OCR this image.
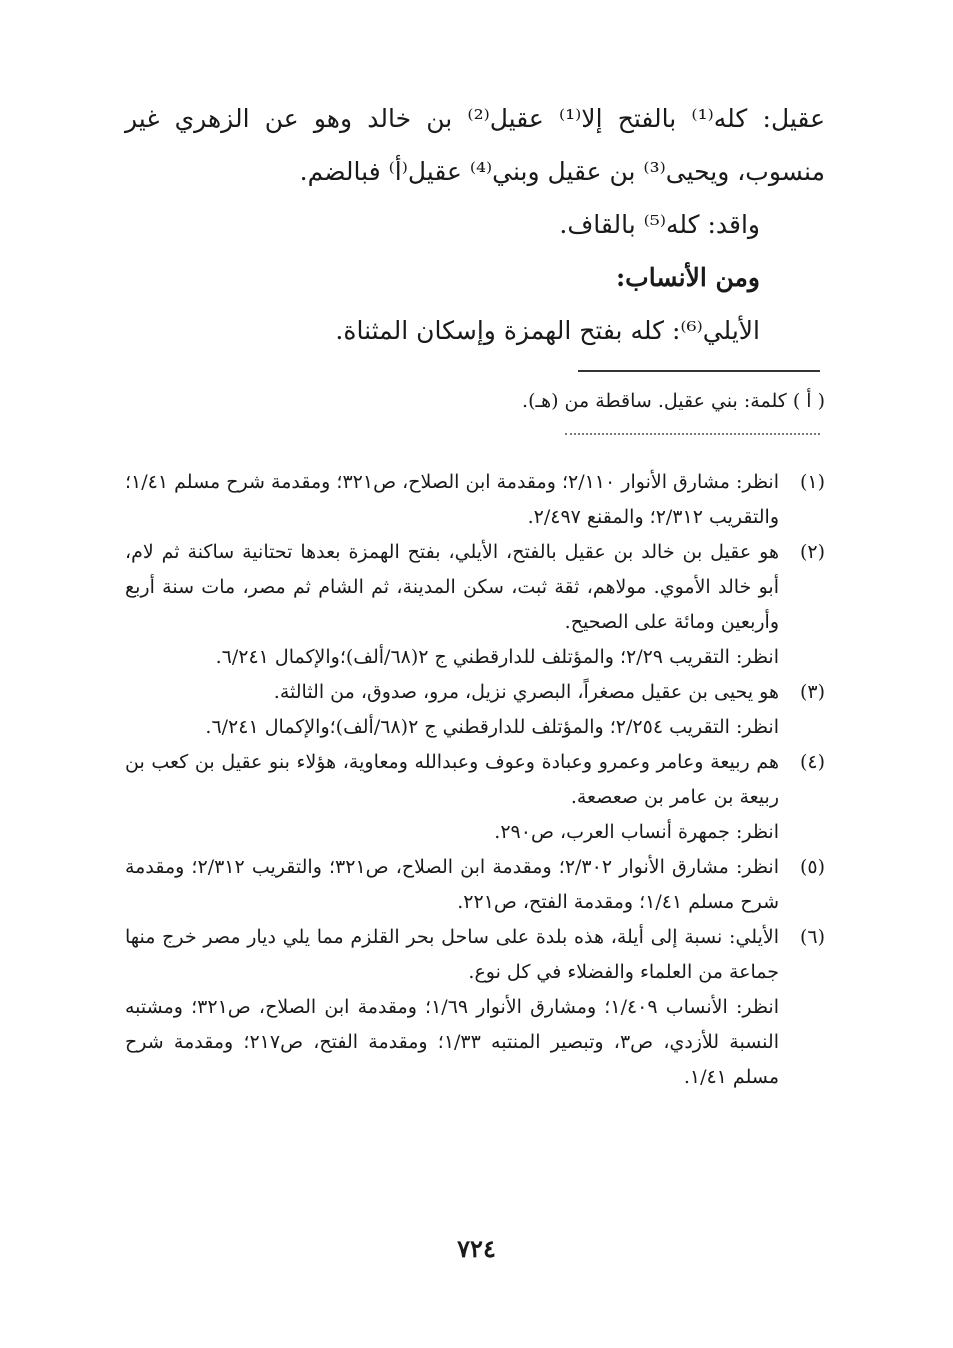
عقيل: كله⁽¹⁾ بالفتح إلا⁽¹⁾ عقيل⁽²⁾ بن خالد وهو عن الزهري غير منسوب، ويحيى⁽³⁾ بن عقيل وبني⁽⁴⁾ عقيل⁽أ⁾ فبالضم.

واقد: كله⁽⁵⁾ بالقاف.

ومن الأنساب:

الأيلي⁽⁶⁾: كله بفتح الهمزة وإسكان المثناة.

( أ ) كلمة: بني عقيل. ساقطة من (هـ).

(١)

انظر: مشارق الأنوار ٢/١١٠؛ ومقدمة ابن الصلاح، ص٣٢١؛ ومقدمة شرح مسلم ١/٤١؛ والتقريب ٢/٣١٢؛ والمقنع ٢/٤٩٧.

(٢)

هو عقيل بن خالد بن عقيل بالفتح، الأيلي، بفتح الهمزة بعدها تحتانية ساكنة ثم لام، أبو خالد الأموي. مولاهم، ثقة ثبت، سكن المدينة، ثم الشام ثم مصر، مات سنة أربع وأربعين ومائة على الصحيح.

انظر: التقريب ٢/٢٩؛ والمؤتلف للدارقطني ج ٢(٦٨/ألف)؛والإكمال ٦/٢٤١.

(٣)

هو يحيى بن عقيل مصغراً، البصري نزيل، مرو، صدوق، من الثالثة.

انظر: التقريب ٢/٢٥٤؛ والمؤتلف للدارقطني ج ٢(٦٨/ألف)؛والإكمال ٦/٢٤١.

(٤)

هم ربيعة وعامر وعمرو وعبادة وعوف وعبدالله ومعاوية، هؤلاء بنو عقيل بن كعب بن ربيعة بن عامر بن صعصعة.

انظر: جمهرة أنساب العرب، ص٢٩٠.

(٥)

انظر: مشارق الأنوار ٢/٣٠٢؛ ومقدمة ابن الصلاح، ص٣٢١؛ والتقريب ٢/٣١٢؛ ومقدمة شرح مسلم ١/٤١؛ ومقدمة الفتح، ص٢٢١.

(٦)

الأيلي: نسبة إلى أيلة، هذه بلدة على ساحل بحر القلزم مما يلي ديار مصر خرج منها جماعة من العلماء والفضلاء في كل نوع.

انظر: الأنساب ١/٤٠٩؛ ومشارق الأنوار ١/٦٩؛ ومقدمة ابن الصلاح، ص٣٢١؛ ومشتبه النسبة للأزدي، ص٣، وتبصير المنتبه ١/٣٣؛ ومقدمة الفتح، ص٢١٧؛ ومقدمة شرح مسلم ١/٤١.

٧٢٤
